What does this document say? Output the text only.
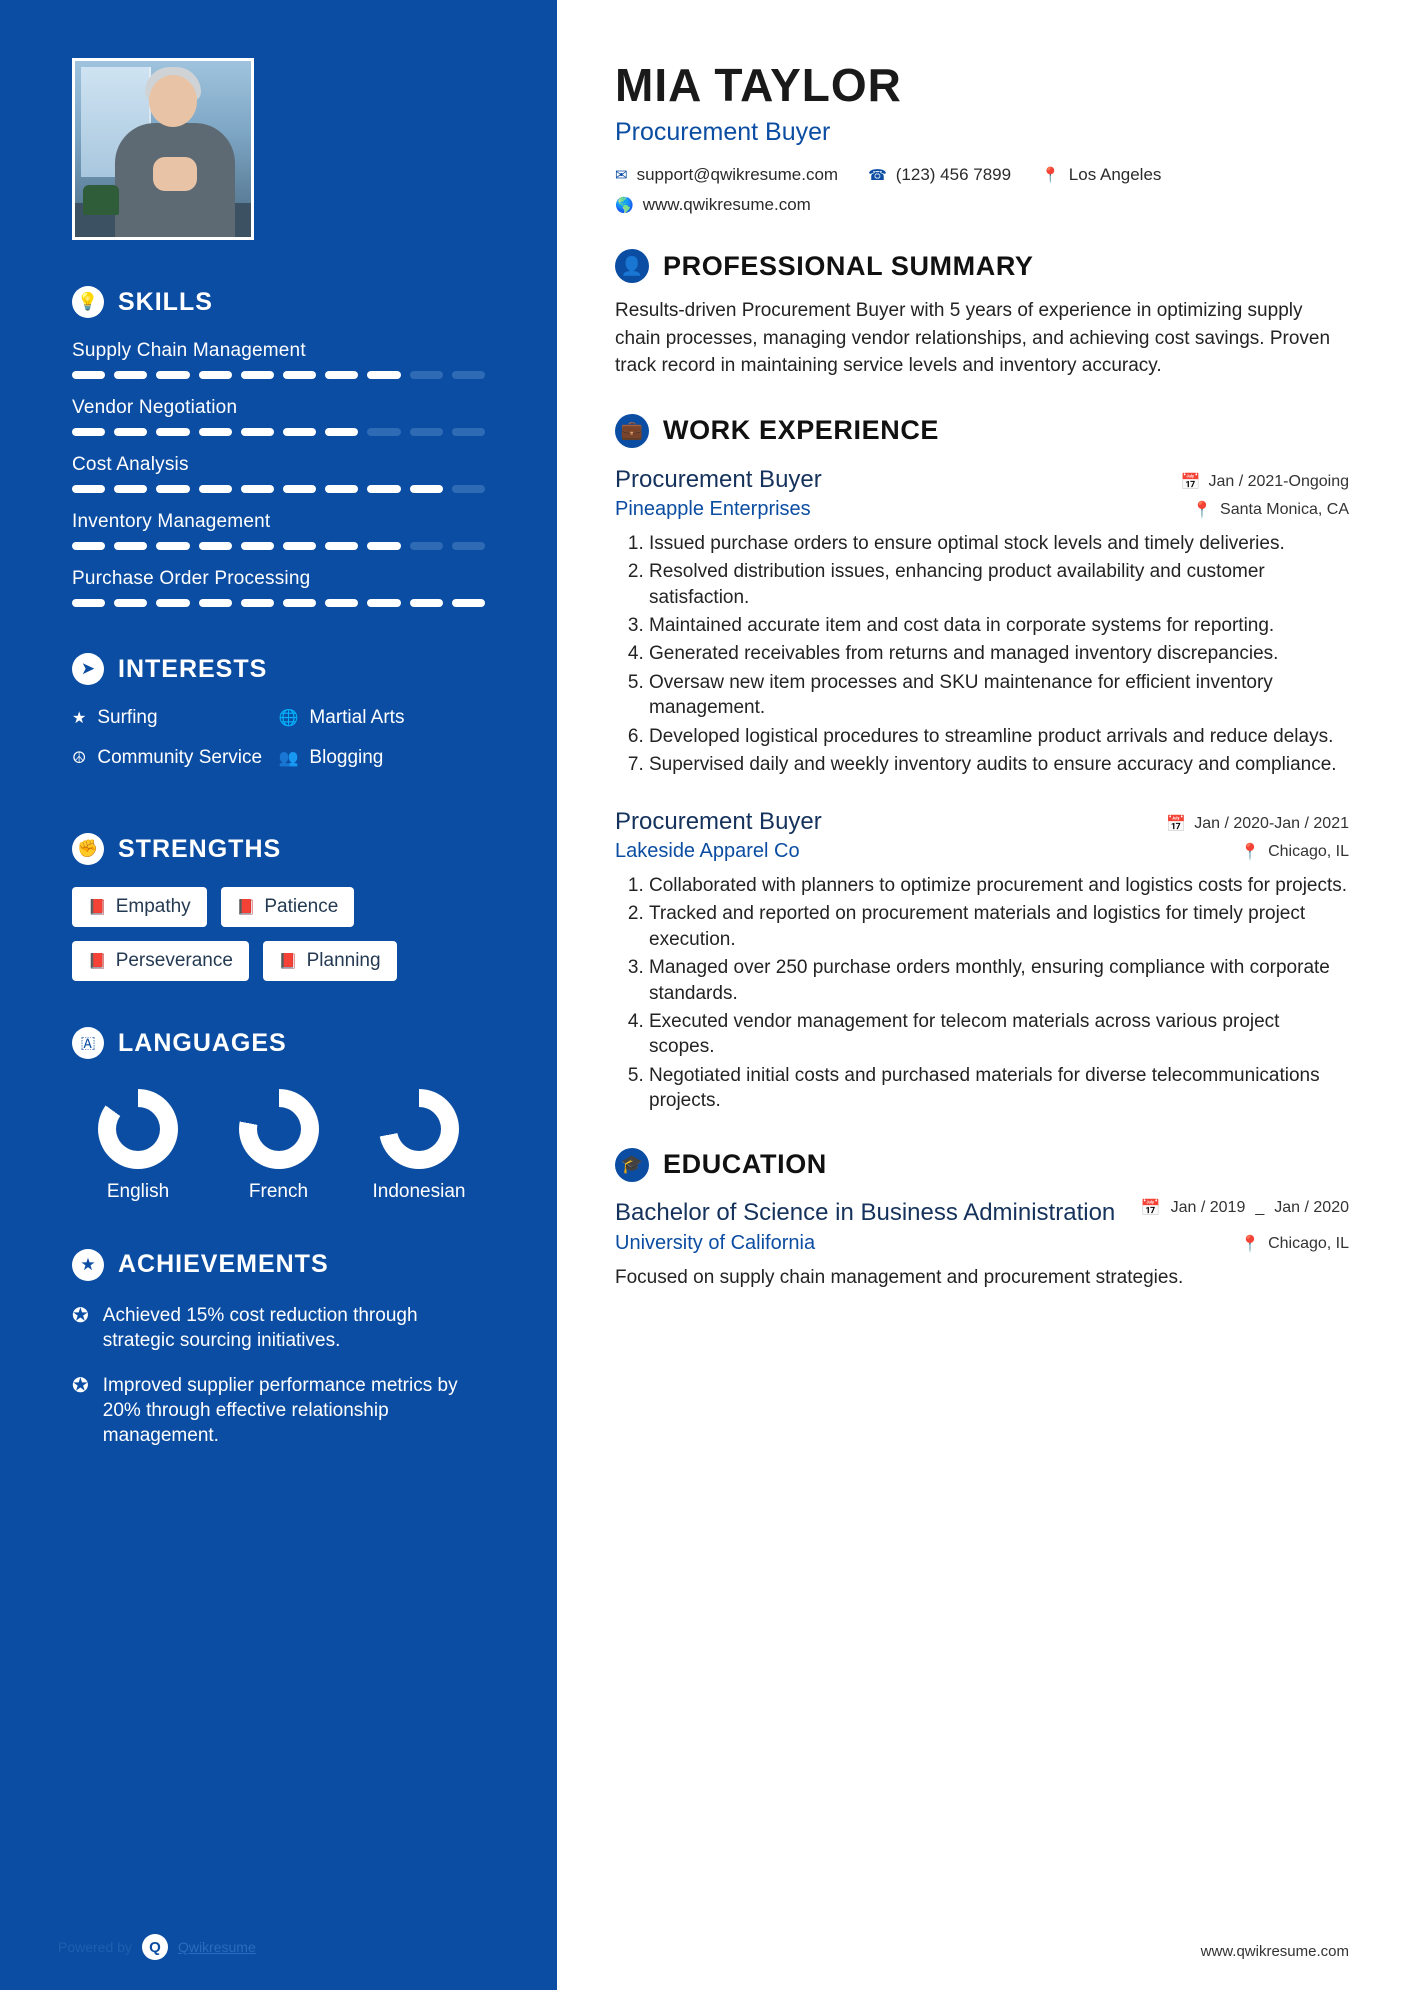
💡 SKILLS
Supply Chain Management
Vendor Negotiation
Cost Analysis
Inventory Management
Purchase Order Processing
➤ INTERESTS
★ Surfing	🌐 Martial Arts
☮ Community Service 👥 Blogging
✊ STRENGTHS
📕 Empathy	📕 Patience
📕 Perseverance	📕 Planning
🇦 LANGUAGES
English	French	Indonesian
★ ACHIEVEMENTS
✪ Achieved 15% cost reduction through strategic sourcing initiatives.
✪ Improved supplier performance metrics by 20% through effective relationship management.
Powered by	Q	Qwikresume
MIA TAYLOR
Procurement Buyer
✉ support@qwikresume.com ☎ (123) 456 7899 📍 Los Angeles
🌎 www.qwikresume.com
👤 PROFESSIONAL SUMMARY

Results-driven Procurement Buyer with 5 years of experience in optimizing supply chain processes, managing vendor relationships, and achieving cost savings. Proven track record in maintaining service levels and inventory accuracy.

💼 WORK EXPERIENCE
Procurement Buyer	📅 Jan / 2021-Ongoing
Pineapple Enterprises	📍 Santa Monica, CA
1. Issued purchase orders to ensure optimal stock levels and timely deliveries.
2. Resolved distribution issues, enhancing product availability and customer satisfaction.
3. Maintained accurate item and cost data in corporate systems for reporting.
4. Generated receivables from returns and managed inventory discrepancies.
5. Oversaw new item processes and SKU maintenance for efficient inventory management.
6. Developed logistical procedures to streamline product arrivals and reduce delays.
7. Supervised daily and weekly inventory audits to ensure accuracy and compliance.
Procurement Buyer	📅 Jan / 2020-Jan / 2021
Lakeside Apparel Co	📍 Chicago, IL
1. Collaborated with planners to optimize procurement and logistics costs for projects.
2. Tracked and reported on procurement materials and logistics for timely project execution.
3. Managed over 250 purchase orders monthly, ensuring compliance with corporate standards.
4. Executed vendor management for telecom materials across various project scopes.
5. Negotiated initial costs and purchased materials for diverse telecommunications projects.
🎓 EDUCATION
Bachelor of Science in Business Administration 📅 Jan / 2019 _ Jan / 2020
University of California	📍 Chicago, IL

Focused on supply chain management and procurement strategies.

www.qwikresume.com
